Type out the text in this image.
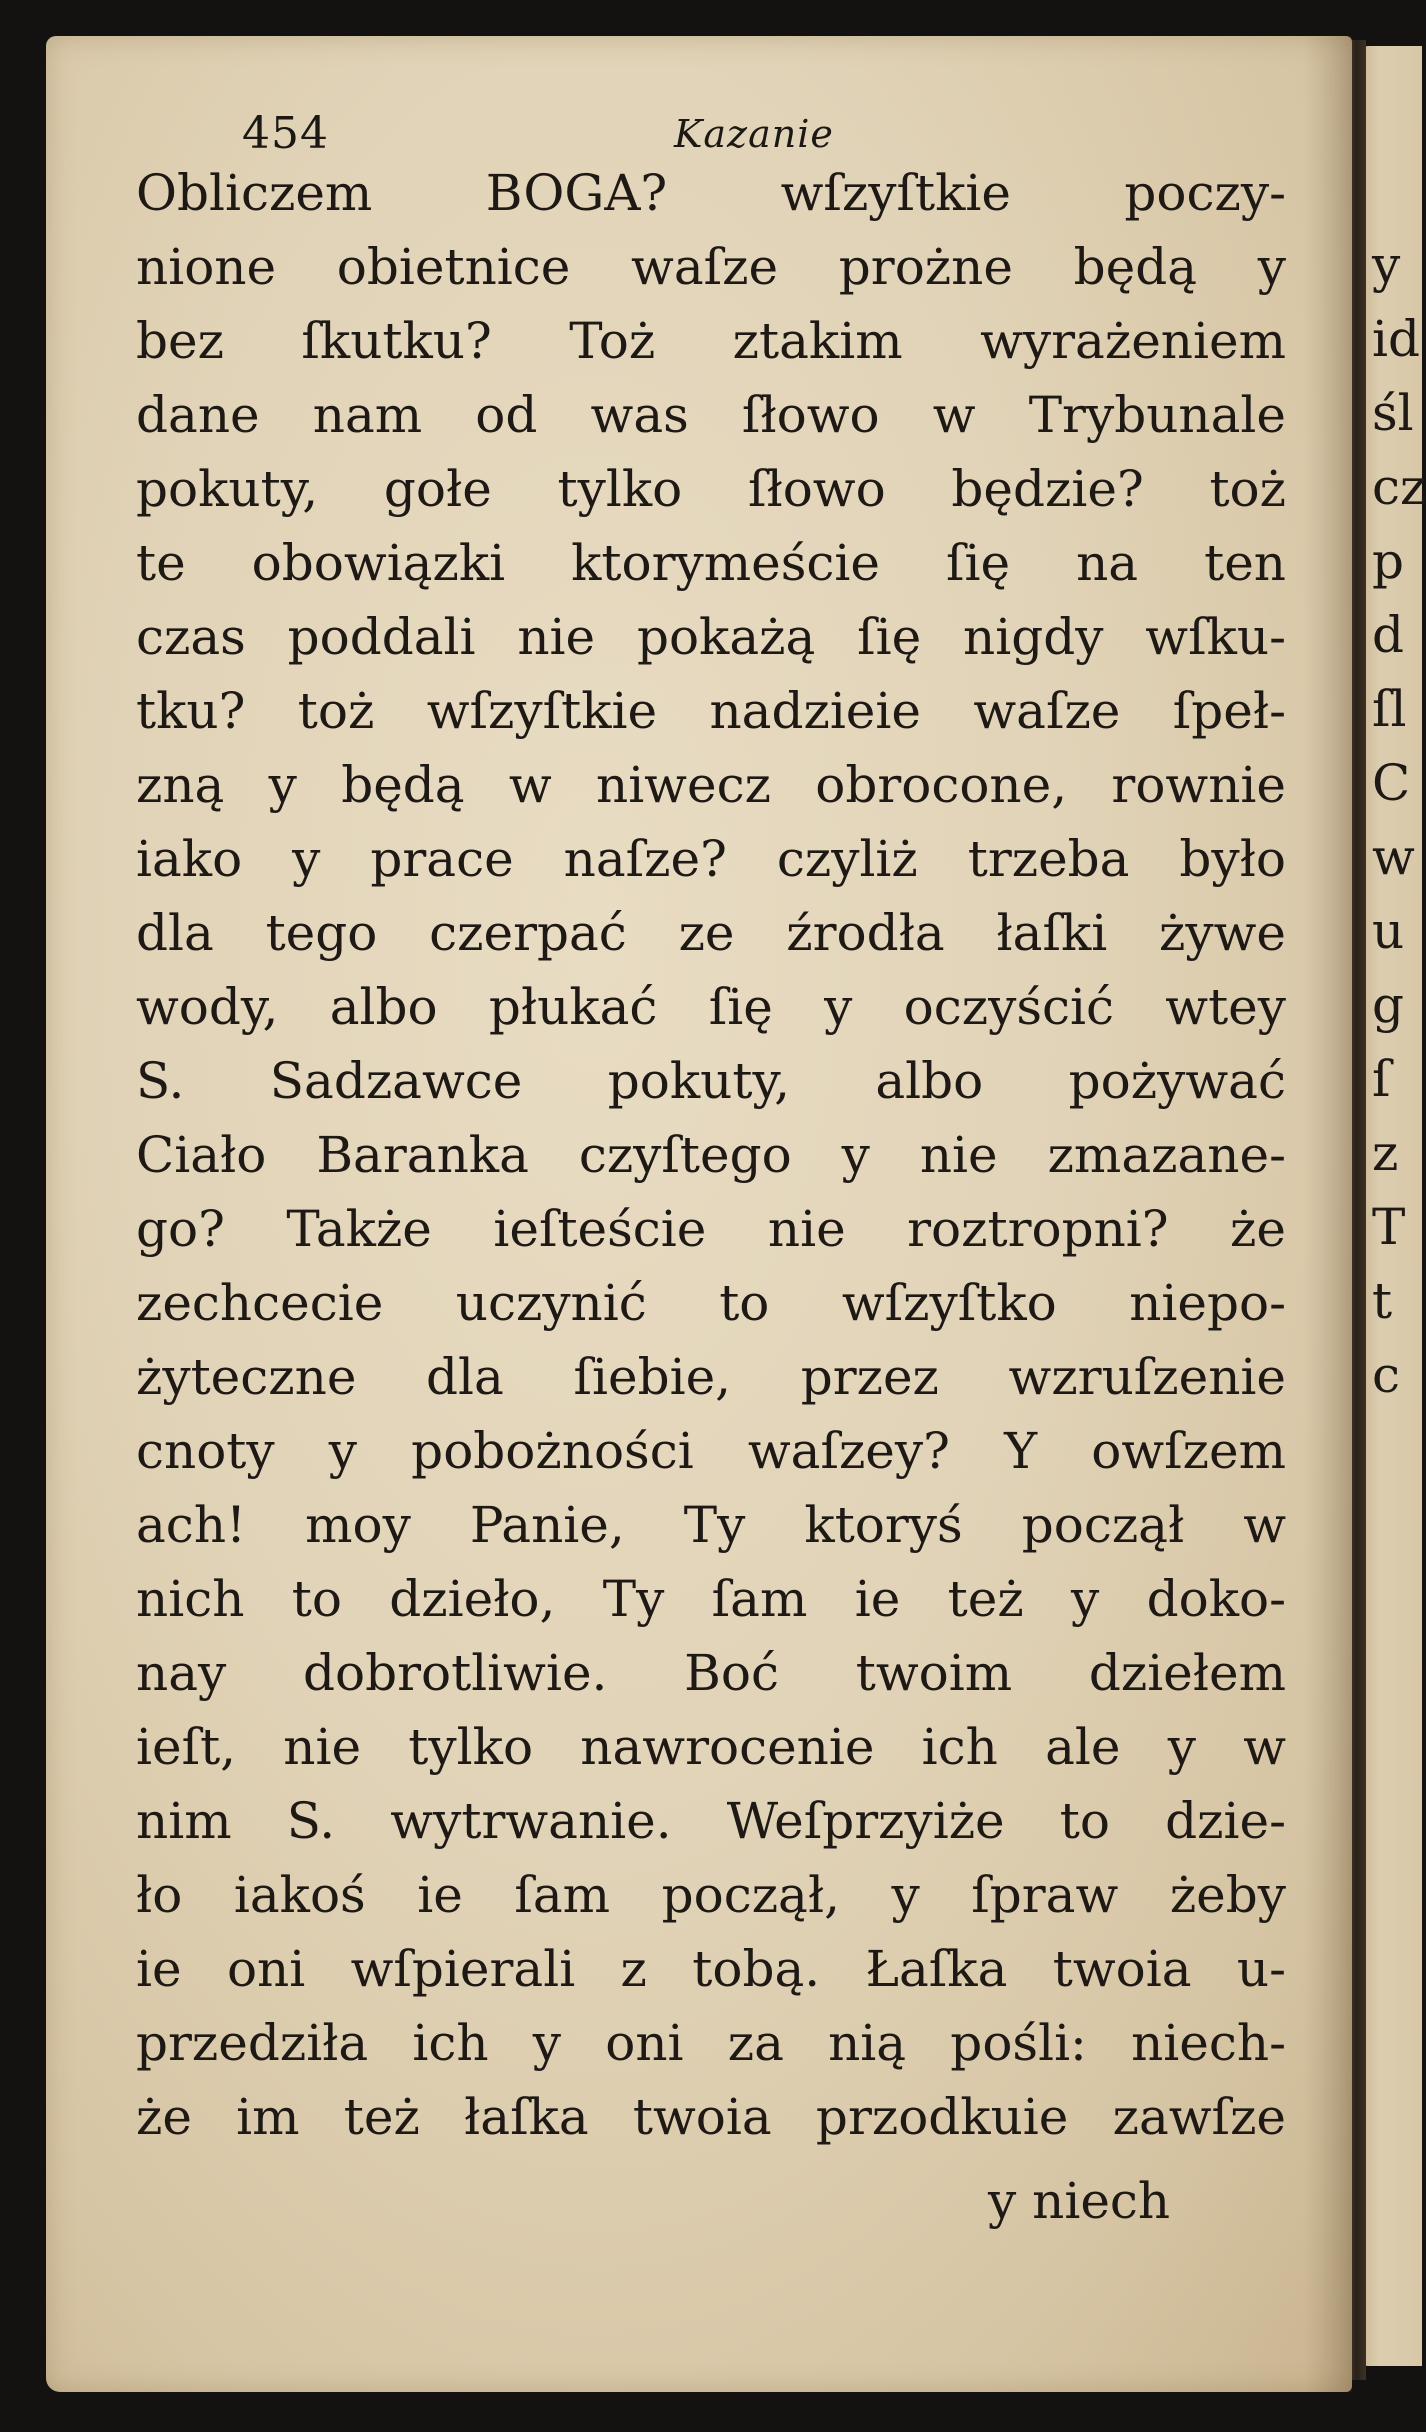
y
id
śl
cz
p
d
ſl
C
w
u
g
ſ
z
T
t
c
454	Kazanie
Obliczem BOGA? wſzyſtkie poczy-
nione obietnice waſze prożne będą y
bez ſkutku? Toż ztakim wyrażeniem
dane nam od was ſłowo w Trybunale
pokuty, gołe tylko ſłowo będzie? toż
te obowiązki ktorymeście ſię na ten
czas poddali nie pokażą ſię nigdy wſku-
tku? toż wſzyſtkie nadzieie waſze ſpeł-
zną y będą w niwecz obrocone, rownie
iako y prace naſze? czyliż trzeba było
dla tego czerpać ze źrodła łaſki żywe
wody, albo płukać ſię y oczyścić wtey
S. Sadzawce pokuty, albo pożywać
Ciało Baranka czyſtego y nie zmazane-
go? Także ieſteście nie roztropni? że
zechcecie uczynić to wſzyſtko niepo-
żyteczne dla ſiebie, przez wzruſzenie
cnoty y pobożności waſzey? Y owſzem
ach! moy Panie, Ty ktoryś począł w
nich to dzieło, Ty ſam ie też y doko-
nay dobrotliwie. Boć twoim dziełem
ieſt, nie tylko nawrocenie ich ale y w
nim S. wytrwanie. Weſprzyiże to dzie-
ło iakoś ie ſam począł, y ſpraw żeby
ie oni wſpierali z tobą. Łaſka twoia u-
przedziła ich y oni za nią pośli: niech-
że im też łaſka twoia przodkuie zawſze
y niech
